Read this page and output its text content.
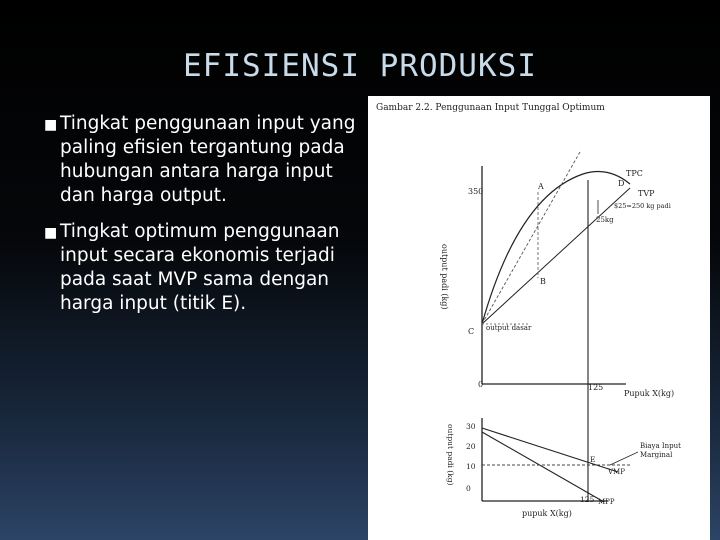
EFISIENSI PRODUKSI
■ Tingkat penggunaan input yang paling efisien tergantung pada hubungan antara harga input dan harga output.
■ Tingkat optimum penggunaan input secara ekonomis terjadi pada saat MVP sama dengan harga input (titik E).
Gambar 2.2. Penggunaan Input Tunggal Optimum
output padi (kg)
350
0	125
Pupuk X(kg)
A
B
C
D
TPC
TVP
output dasar
25kg
$25=250 kg padi
output padi (kg) 30
20
10
0
125
pupuk X(kg)
E
VMP
MPP
Biaya Input
Marginal
